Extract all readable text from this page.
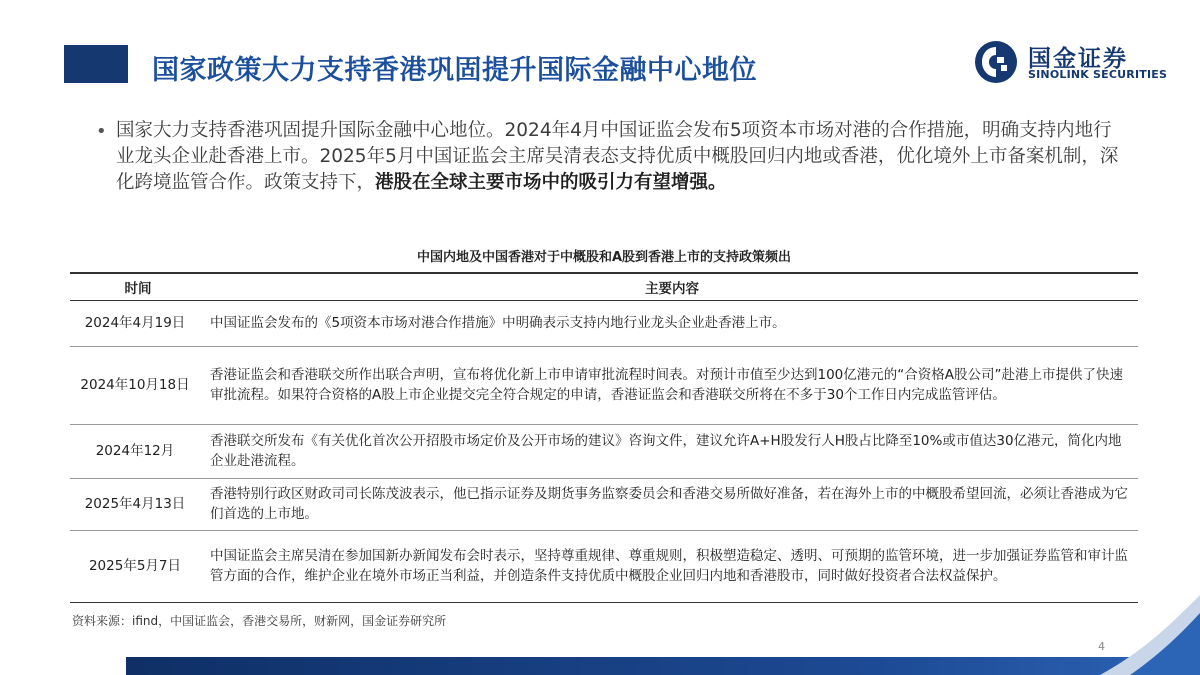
国家政策大力支持香港巩固提升国际金融中心地位	国金证券
SINOLINK SECURITIES
• 国家大力支持香港巩固提升国际金融中心地位。2024年4月中国证监会发布5项资本市场对港的合作措施，明确支持内地行业龙头企业赴香港上市。2025年5月中国证监会主席吴清表态支持优质中概股回归内地或香港，优化境外上市备案机制，深化跨境监管合作。政策支持下，港股在全球主要市场中的吸引力有望增强。
中国内地及中国香港对于中概股和A股到香港上市的支持政策频出
时间	主要内容
2024年4月19日	中国证监会发布的《5项资本市场对港合作措施》中明确表示支持内地行业龙头企业赴香港上市。
2024年10月18日	香港证监会和香港联交所作出联合声明，宣布将优化新上市申请审批流程时间表。对预计市值至少达到100亿港元的“合资格A股公司”赴港上市提供了快速审批流程。如果符合资格的A股上市企业提交完全符合规定的申请，香港证监会和香港联交所将在不多于30个工作日内完成监管评估。
2024年12月	香港联交所发布《有关优化首次公开招股市场定价及公开市场的建议》咨询文件，建议允许A+H股发行人H股占比降至10%或市值达30亿港元，简化内地企业赴港流程。
2025年4月13日	香港特别行政区财政司司长陈茂波表示，他已指示证券及期货事务监察委员会和香港交易所做好准备，若在海外上市的中概股希望回流，必须让香港成为它们首选的上市地。
2025年5月7日	中国证监会主席吴清在参加国新办新闻发布会时表示，坚持尊重规律、尊重规则，积极塑造稳定、透明、可预期的监管环境，进一步加强证券监管和审计监管方面的合作，维护企业在境外市场正当利益，并创造条件支持优质中概股企业回归内地和香港股市，同时做好投资者合法权益保护。
资料来源：ifind，中国证监会，香港交易所，财新网，国金证券研究所
4
